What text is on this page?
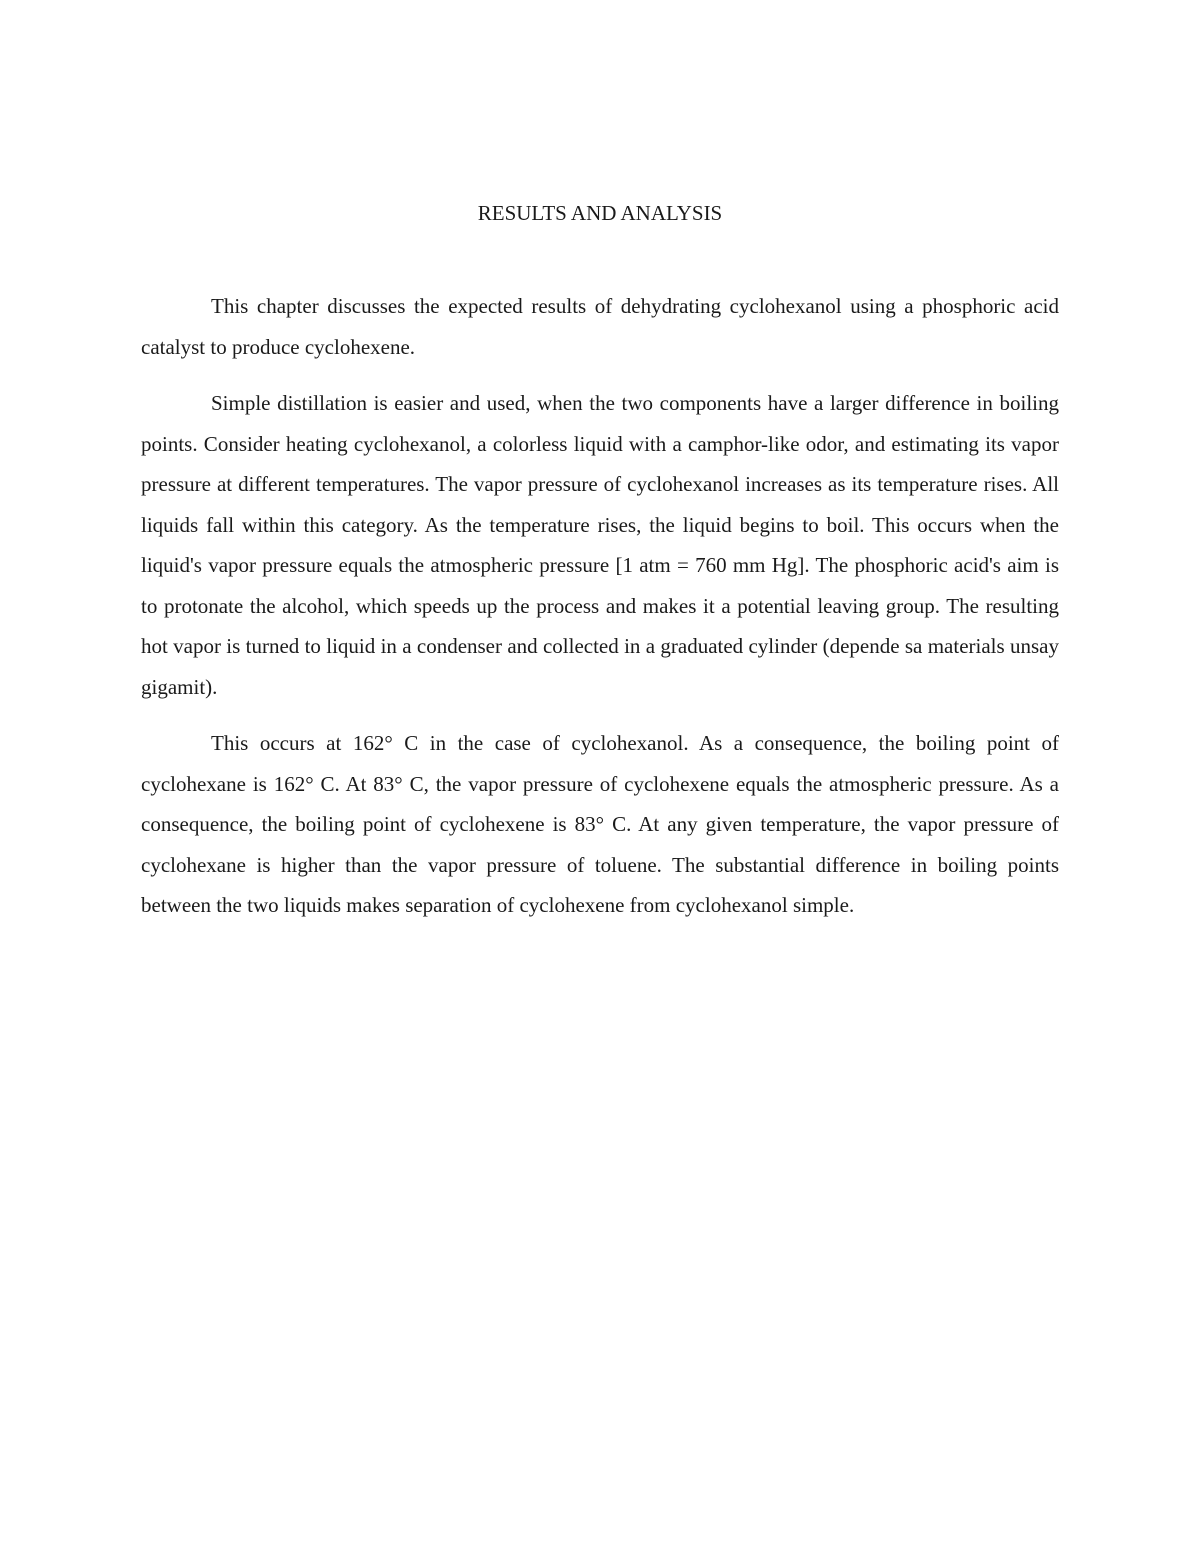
RESULTS AND ANALYSIS

This chapter discusses the expected results of dehydrating cyclohexanol using a phosphoric acid catalyst to produce cyclohexene.

Simple distillation is easier and used, when the two components have a larger difference in boiling points. Consider heating cyclohexanol, a colorless liquid with a camphor-like odor, and estimating its vapor pressure at different temperatures. The vapor pressure of cyclohexanol increases as its temperature rises. All liquids fall within this category. As the temperature rises, the liquid begins to boil. This occurs when the liquid's vapor pressure equals the atmospheric pressure [1 atm = 760 mm Hg]. The phosphoric acid's aim is to protonate the alcohol, which speeds up the process and makes it a potential leaving group. The resulting hot vapor is turned to liquid in a condenser and collected in a graduated cylinder (depende sa materials unsay gigamit).

This occurs at 162° C in the case of cyclohexanol. As a consequence, the boiling point of cyclohexane is 162° C. At 83° C, the vapor pressure of cyclohexene equals the atmospheric pressure. As a consequence, the boiling point of cyclohexene is 83° C. At any given temperature, the vapor pressure of cyclohexane is higher than the vapor pressure of toluene. The substantial difference in boiling points between the two liquids makes separation of cyclohexene from cyclohexanol simple.
